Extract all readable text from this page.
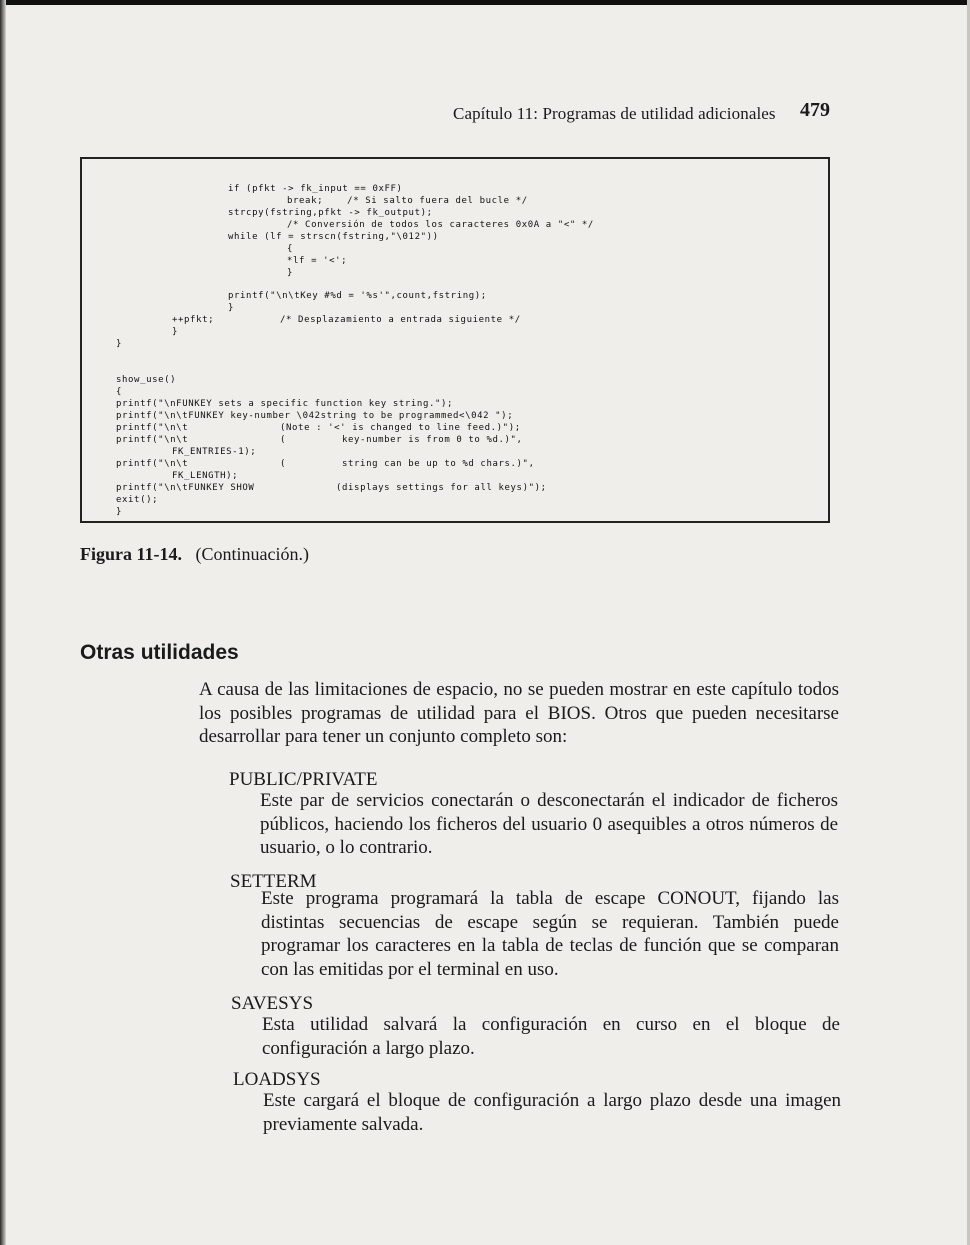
Capítulo 11: Programas de utilidad adicionales 479
if (pfkt -> fk_input == 0xFF)
break;    /* Si salto fuera del bucle */
strcpy(fstring,pfkt -> fk_output);
/* Conversión de todos los caracteres 0x0A a "<" */
while (lf = strscn(fstring,"\012"))
{
*lf = '<';
}
printf("\n\tKey #%d = '%s'",count,fstring);
}
++pfkt;	/* Desplazamiento a entrada siguiente */
}
}
show_use()
{
printf("\nFUNKEY sets a specific function key string.");
printf("\n\tFUNKEY key-number \042string to be programmed<\042 ");
printf("\n\t	(Note : '<' is changed to line feed.)");
printf("\n\t	(	key-number is from 0 to %d.)",
FK_ENTRIES-1);
printf("\n\t	(	string can be up to %d chars.)",
FK_LENGTH);
printf("\n\tFUNKEY SHOW	(displays settings for all keys)");
exit();
}
Figura 11-14. (Continuación.)
Otras utilidades
A causa de las limitaciones de espacio, no se pueden mostrar en este capítulo todos los posibles programas de utilidad para el BIOS. Otros que pueden necesitarse desarrollar para tener un conjunto completo son:
PUBLIC/PRIVATE
Este par de servicios conectarán o desconectarán el indicador de ficheros públicos, haciendo los ficheros del usuario 0 asequibles a otros números de usuario, o lo contrario.
SETTERM
Este programa programará la tabla de escape CONOUT, fijando las distintas secuencias de escape según se requieran. También puede programar los caracteres en la tabla de teclas de función que se comparan con las emitidas por el terminal en uso.
SAVESYS
Esta utilidad salvará la configuración en curso en el bloque de configuración a largo plazo.
LOADSYS
Este cargará el bloque de configuración a largo plazo desde una imagen previamente salvada.
